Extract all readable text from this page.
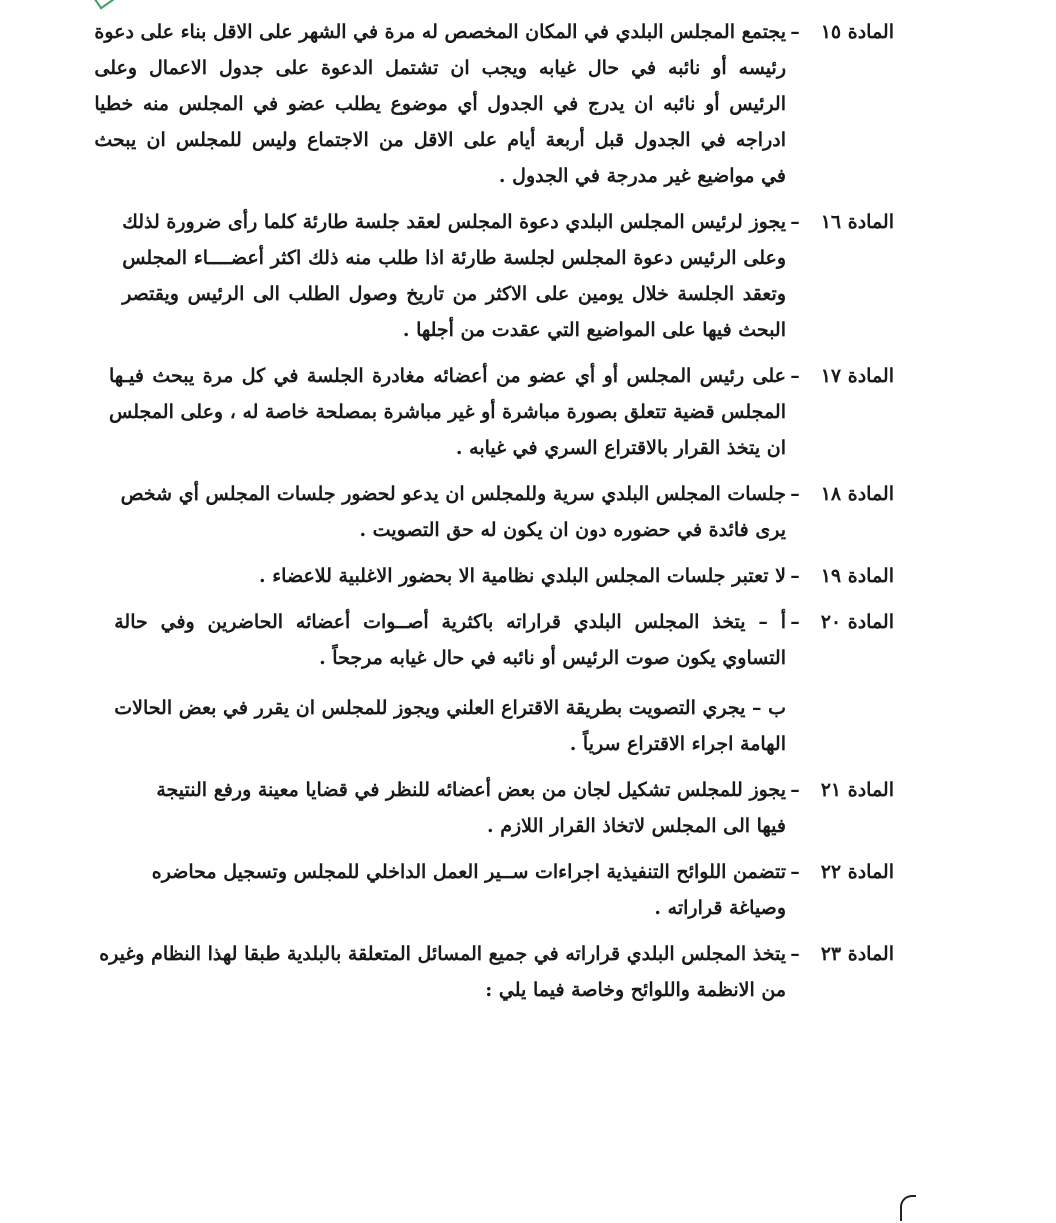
المادة ١٥
–
يجتمع المجلس البلدي في المكان المخصص له مرة في الشهر على الاقل بناء على دعوة
رئيسه أو نائبه في حال غيابه ويجب ان تشتمل الدعوة على جدول الاعمال وعلى
الرئيس أو نائبه ان يدرج في الجدول أي موضوع يطلب عضو في المجلس منه خطيا
ادراجه في الجدول قبل أربعة أيام على الاقل من الاجتماع وليس للمجلس ان يبحث
في مواضيع غير مدرجة في الجدول .
المادة ١٦
–
يجوز لرئيس المجلس البلدي دعوة المجلس لعقد جلسة طارئة كلما رأى ضرورة لذلك
وعلى الرئيس دعوة المجلس لجلسة طارئة اذا طلب منه ذلك اكثر أعضــــاء المجلس
وتعقد الجلسة خلال يومين على الاكثر من تاريخ وصول الطلب الى الرئيس ويقتصر
البحث فيها على المواضيع التي عقدت من أجلها .
المادة ١٧
–
على رئيس المجلس أو أي عضو من أعضائه مغادرة الجلسة في كل مرة يبحث فيـها
المجلس قضية تتعلق بصورة مباشرة أو غير مباشرة بمصلحة خاصة له ، وعلى المجلس
ان يتخذ القرار بالاقتراع السري في غيابه .
المادة ١٨
–
جلسات المجلس البلدي سرية وللمجلس ان يدعو لحضور جلسات المجلس أي شخص
يرى فائدة في حضوره دون ان يكون له حق التصويت .
المادة ١٩
–
لا تعتبر جلسات المجلس البلدي نظامية الا بحضور الاغلبية للاعضاء .
المادة ٢٠
–
أ – يتخذ المجلس البلدي قراراته باكثرية أصــوات أعضائه الحاضرين وفي حالة
التساوي يكون صوت الرئيس أو نائبه في حال غيابه مرجحاً .
ب – يجري التصويت بطريقة الاقتراع العلني ويجوز للمجلس ان يقرر في بعض الحالات
الهامة اجراء الاقتراع سرياً .
المادة ٢١
–
يجوز للمجلس تشكيل لجان من بعض أعضائه للنظر في قضايا معينة ورفع النتيجة
فيها الى المجلس لاتخاذ القرار اللازم .
المادة ٢٢
–
تتضمن اللوائح التنفيذية اجراءات ســير العمل الداخلي للمجلس وتسجيل محاضره
وصياغة قراراته .
المادة ٢٣
–
يتخذ المجلس البلدي قراراته في جميع المسائل المتعلقة بالبلدية طبقا لهذا النظام وغيره
من الانظمة واللوائح وخاصة فيما يلي :
